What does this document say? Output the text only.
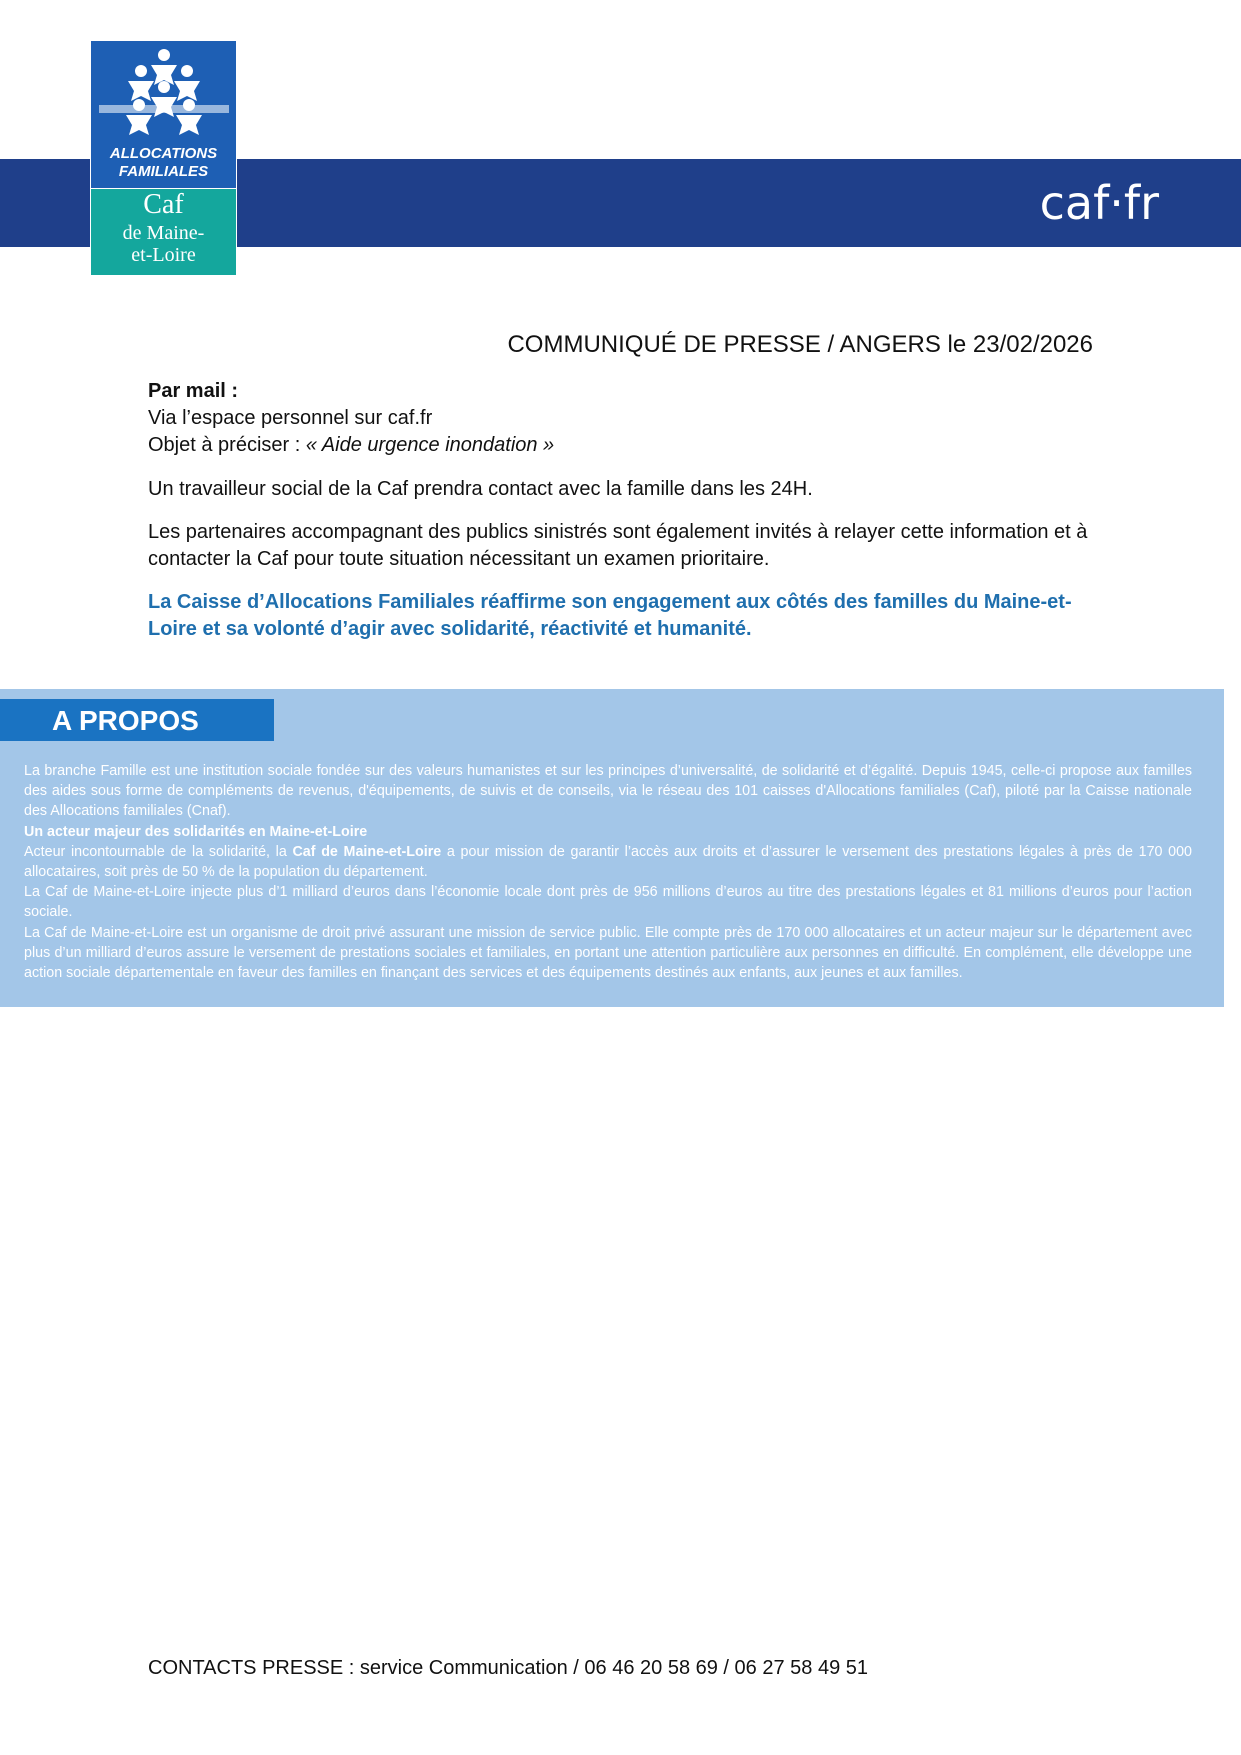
caf·fr
ALLOCATIONS
FAMILIALES
Caf
de Maine-
et-Loire
COMMUNIQUÉ DE PRESSE / ANGERS le 23/02/2026

Par mail :

Via l’espace personnel sur caf.fr

Objet à préciser : « Aide urgence inondation »

Un travailleur social de la Caf prendra contact avec la famille dans les 24H.
Les partenaires accompagnant des publics sinistrés sont également invités à relayer cette information et à contacter la Caf pour toute situation nécessitant un examen prioritaire.
La Caisse d’Allocations Familiales réaffirme son engagement aux côtés des familles du Maine-et-Loire et sa volonté d’agir avec solidarité, réactivité et humanité.
A PROPOS

La branche Famille est une institution sociale fondée sur des valeurs humanistes et sur les principes d’universalité, de solidarité et d’égalité. Depuis 1945, celle-ci propose aux familles des aides sous forme de compléments de revenus, d'équipements, de suivis et de conseils, via le réseau des 101 caisses d'Allocations familiales (Caf), piloté par la Caisse nationale des Allocations familiales (Cnaf).

Un acteur majeur des solidarités en Maine-et-Loire

Acteur incontournable de la solidarité, la Caf de Maine-et-Loire a pour mission de garantir l’accès aux droits et d’assurer le versement des prestations légales à près de 170 000 allocataires, soit près de 50 % de la population du département.

La Caf de Maine-et-Loire injecte plus d’1 milliard d’euros dans l’économie locale dont près de 956 millions d’euros au titre des prestations légales et 81 millions d’euros pour l’action sociale.

La Caf de Maine-et-Loire est un organisme de droit privé assurant une mission de service public. Elle compte près de 170 000 allocataires et un acteur majeur sur le département avec plus d’un milliard d’euros assure le versement de prestations sociales et familiales, en portant une attention particulière aux personnes en difficulté. En complément, elle développe une action sociale départementale en faveur des familles en finançant des services et des équipements destinés aux enfants, aux jeunes et aux familles.

CONTACTS PRESSE : service Communication / 06 46 20 58 69 / 06 27 58 49 51
